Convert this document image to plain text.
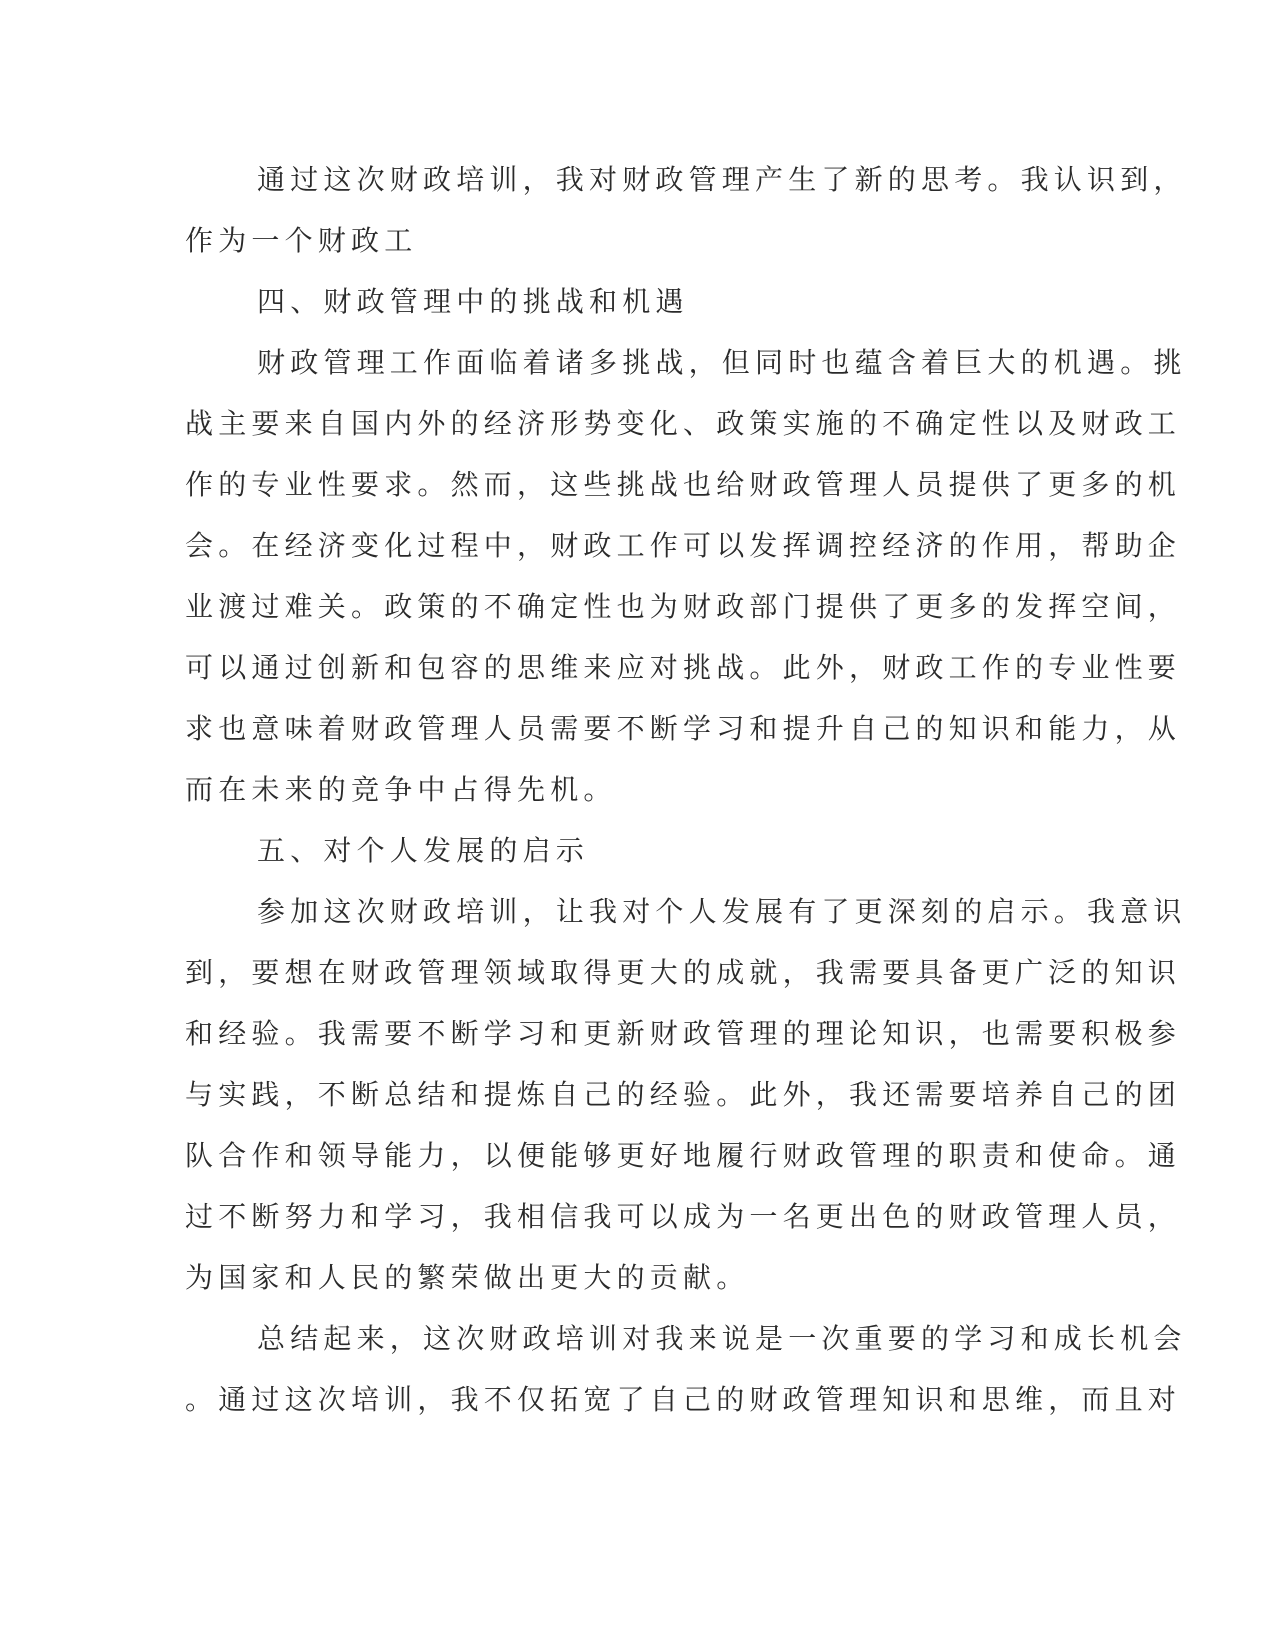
通过这次财政培训，我对财政管理产生了新的思考。我认识到，

作为一个财政工

四、财政管理中的挑战和机遇

财政管理工作面临着诸多挑战，但同时也蕴含着巨大的机遇。挑

战主要来自国内外的经济形势变化、政策实施的不确定性以及财政工

作的专业性要求。然而，这些挑战也给财政管理人员提供了更多的机

会。在经济变化过程中，财政工作可以发挥调控经济的作用，帮助企

业渡过难关。政策的不确定性也为财政部门提供了更多的发挥空间，

可以通过创新和包容的思维来应对挑战。此外，财政工作的专业性要

求也意味着财政管理人员需要不断学习和提升自己的知识和能力，从

而在未来的竞争中占得先机。

五、对个人发展的启示

参加这次财政培训，让我对个人发展有了更深刻的启示。我意识

到，要想在财政管理领域取得更大的成就，我需要具备更广泛的知识

和经验。我需要不断学习和更新财政管理的理论知识，也需要积极参

与实践，不断总结和提炼自己的经验。此外，我还需要培养自己的团

队合作和领导能力，以便能够更好地履行财政管理的职责和使命。通

过不断努力和学习，我相信我可以成为一名更出色的财政管理人员，

为国家和人民的繁荣做出更大的贡献。

总结起来，这次财政培训对我来说是一次重要的学习和成长机会

。通过这次培训，我不仅拓宽了自己的财政管理知识和思维，而且对
